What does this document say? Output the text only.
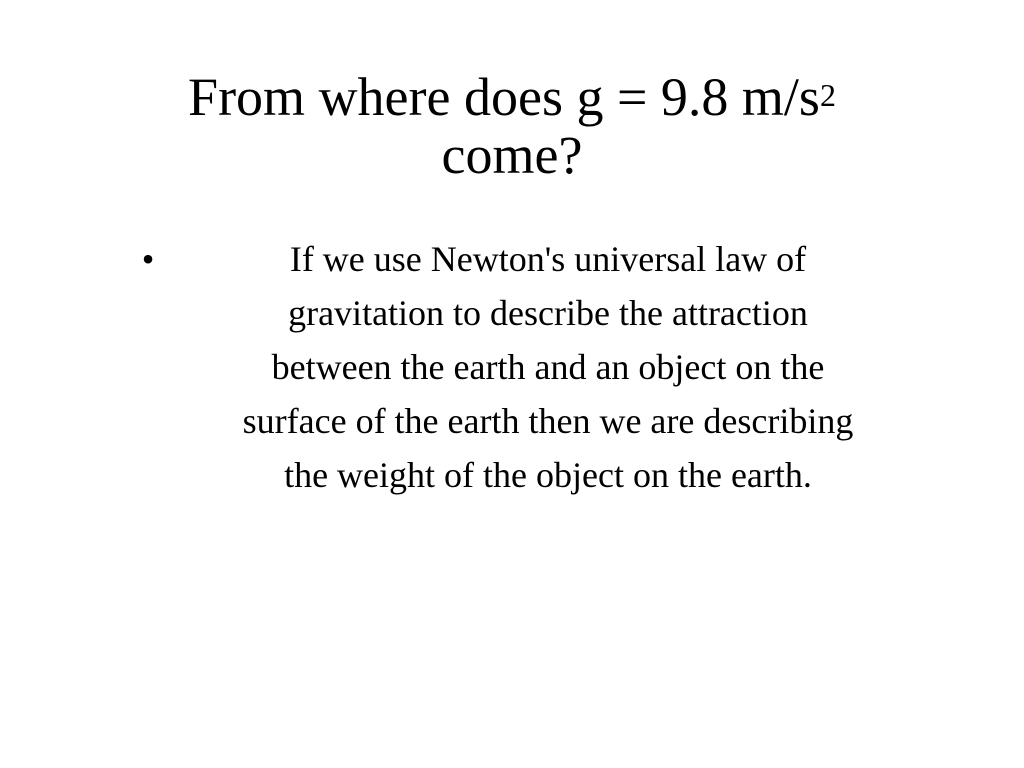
From where does g = 9.8 $m/s^2$
come?
•	If we use Newton's universal law of
gravitation to describe the attraction
between the earth and an object on the
surface of the earth then we are describing
the weight of the object on the earth.
